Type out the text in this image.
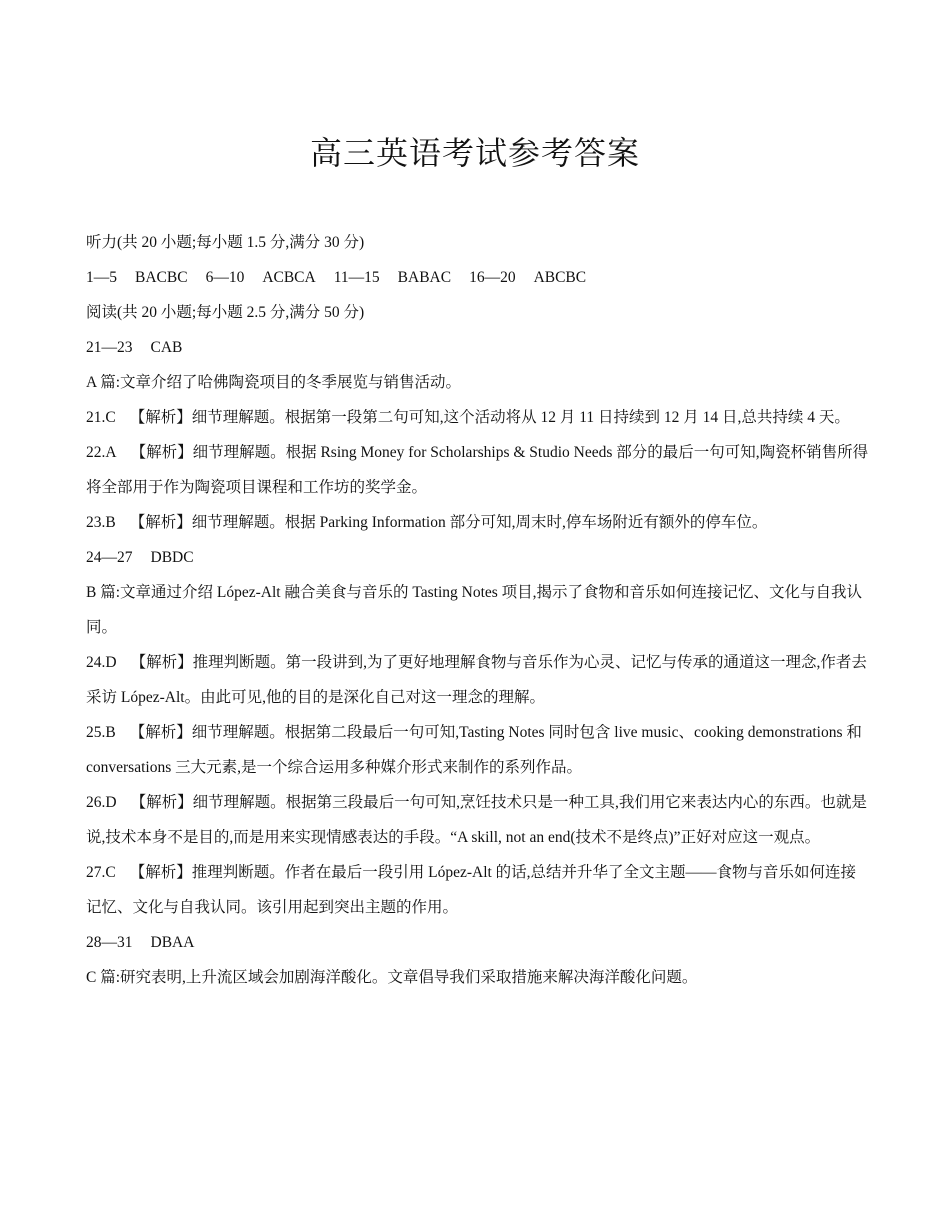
高三英语考试参考答案
听力(共 20 小题;每小题 1.5 分,满分 30 分)
1—5 BACBC 6—10 ACBCA 11—15 BABAC 16—20 ABCBC
阅读(共 20 小题;每小题 2.5 分,满分 50 分)
21—23 CAB
A 篇:文章介绍了哈佛陶瓷项目的冬季展览与销售活动。
21.C 【解析】细节理解题。根据第一段第二句可知,这个活动将从 12 月 11 日持续到 12 月 14 日,总共持续 4 天。
22.A 【解析】细节理解题。根据 Rsing Money for Scholarships & Studio Needs 部分的最后一句可知,陶瓷杯销售所得将全部用于作为陶瓷项目课程和工作坊的奖学金。
23.B 【解析】细节理解题。根据 Parking Information 部分可知,周末时,停车场附近有额外的停车位。
24—27 DBDC
B 篇:文章通过介绍 López-Alt 融合美食与音乐的 Tasting Notes 项目,揭示了食物和音乐如何连接记忆、文化与自我认同。
24.D 【解析】推理判断题。第一段讲到,为了更好地理解食物与音乐作为心灵、记忆与传承的通道这一理念,作者去采访 López-Alt。由此可见,他的目的是深化自己对这一理念的理解。
25.B 【解析】细节理解题。根据第二段最后一句可知,Tasting Notes 同时包含 live music、cooking demonstrations 和 conversations 三大元素,是一个综合运用多种媒介形式来制作的系列作品。
26.D 【解析】细节理解题。根据第三段最后一句可知,烹饪技术只是一种工具,我们用它来表达内心的东西。也就是说,技术本身不是目的,而是用来实现情感表达的手段。“A skill, not an end(技术不是终点)”正好对应这一观点。
27.C 【解析】推理判断题。作者在最后一段引用 López-Alt 的话,总结并升华了全文主题——食物与音乐如何连接记忆、文化与自我认同。该引用起到突出主题的作用。
28—31 DBAA
C 篇:研究表明,上升流区域会加剧海洋酸化。文章倡导我们采取措施来解决海洋酸化问题。
